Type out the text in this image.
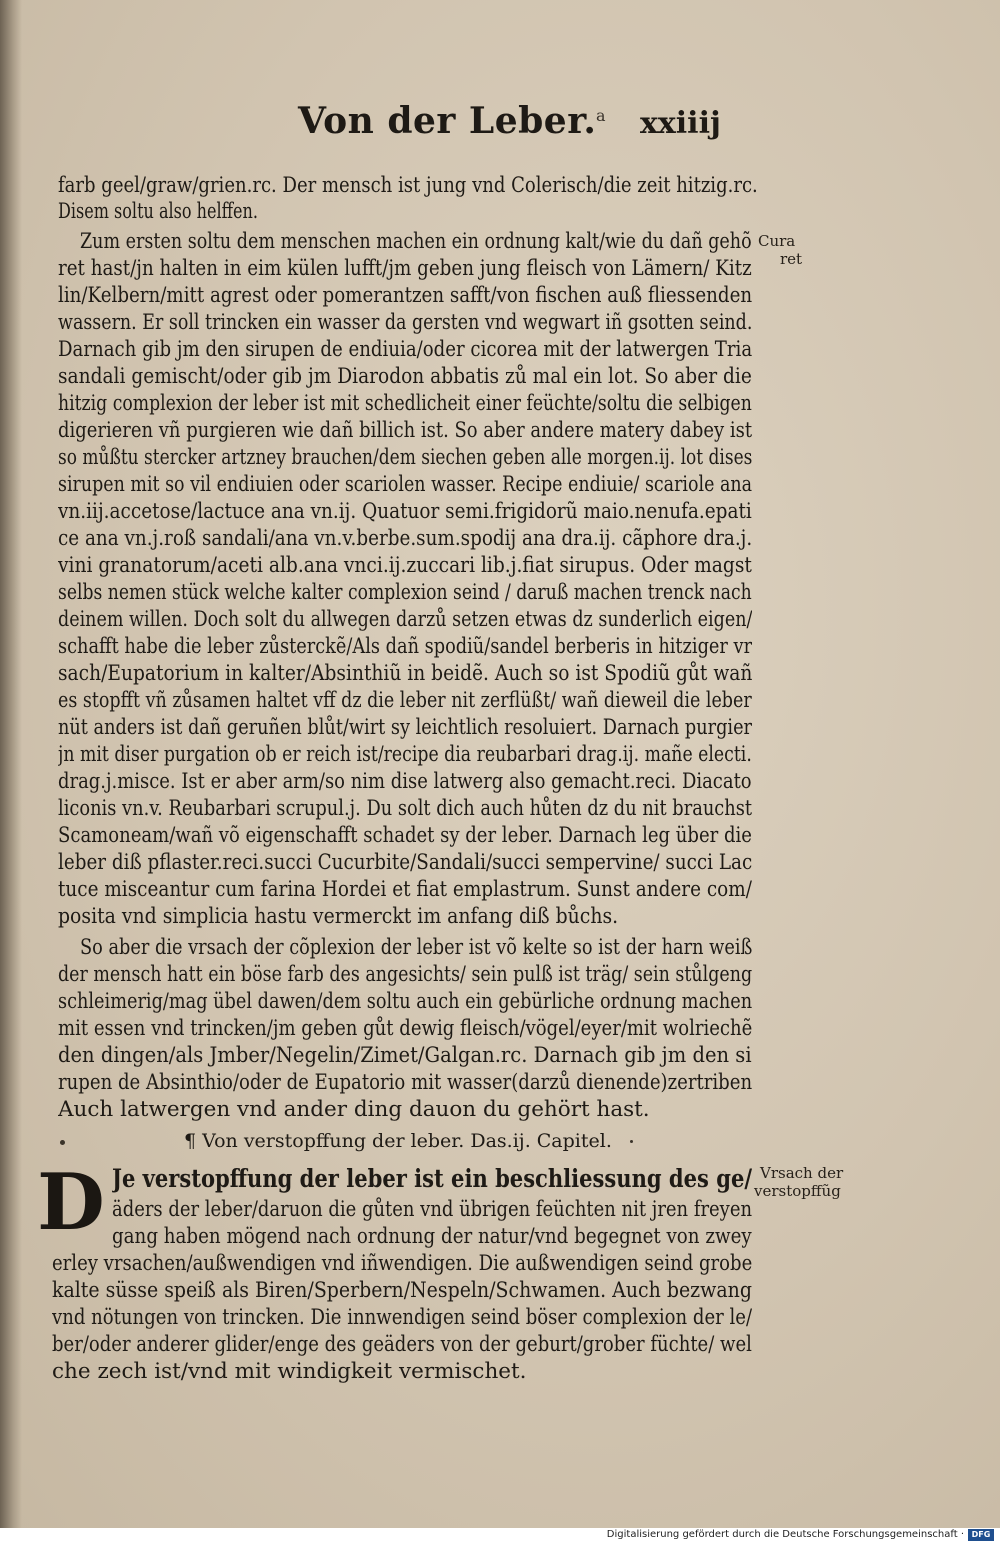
Von der Leber. a xxiiij
farb geel/graw/grien.rc. Der mensch ist jung vnd Colerisch/die zeit hitzig.rc.
Disem soltu also helffen.
Zum ersten soltu dem menschen machen ein ordnung kalt/wie du dañ gehõ
ret hast/jn halten in eim külen lufft/jm geben jung fleisch von Lämern/ Kitz
lin/Kelbern/mitt agrest oder pomerantzen safft/von fischen auß fliessenden
wassern. Er soll trincken ein wasser da gersten vnd wegwart iñ gsotten seind.
Darnach gib jm den sirupen de endiuia/oder cicorea mit der latwergen Tria
sandali gemischt/oder gib jm Diarodon abbatis zů mal ein lot. So aber die
hitzig complexion der leber ist mit schedlicheit einer feüchte/soltu die selbigen
digerieren vñ purgieren wie dañ billich ist. So aber andere matery dabey ist
so můßtu stercker artzney brauchen/dem siechen geben alle morgen.ij. lot dises
sirupen mit so vil endiuien oder scariolen wasser. Recipe endiuie/ scariole ana
vn.iij.accetose/lactuce ana vn.ij. Quatuor semi.frigidorũ maio.nenufa.epati
ce ana vn.j.roß sandali/ana vn.v.berbe.sum.spodij ana dra.ij. cãphore dra.j.
vini granatorum/aceti alb.ana vnci.ij.zuccari lib.j.fiat sirupus. Oder magst
selbs nemen stück welche kalter complexion seind / daruß machen trenck nach
deinem willen. Doch solt du allwegen darzů setzen etwas dz sunderlich eigen/
schafft habe die leber zůsterckẽ/Als dañ spodiũ/sandel berberis in hitziger vr
sach/Eupatorium in kalter/Absinthiũ in beidẽ. Auch so ist Spodiũ gůt wañ
es stopfft vñ zůsamen haltet vff dz die leber nit zerflüßt/ wañ dieweil die leber
nüt anders ist dañ geruñen blůt/wirt sy leichtlich resoluiert. Darnach purgier
jn mit diser purgation ob er reich ist/recipe dia reubarbari drag.ij. mañe electi.
drag.j.misce. Ist er aber arm/so nim dise latwerg also gemacht.reci. Diacato
liconis vn.v. Reubarbari scrupul.j. Du solt dich auch hůten dz du nit brauchst
Scamoneam/wañ võ eigenschafft schadet sy der leber. Darnach leg über die
leber diß pflaster.reci.succi Cucurbite/Sandali/succi sempervine/ succi Lac
tuce misceantur cum farina Hordei et fiat emplastrum. Sunst andere com/
posita vnd simplicia hastu vermerckt im anfang diß bůchs.
So aber die vrsach der cõplexion der leber ist võ kelte so ist der harn weiß
der mensch hatt ein böse farb des angesichts/ sein pulß ist träg/ sein stůlgeng
schleimerig/mag übel dawen/dem soltu auch ein gebürliche ordnung machen
mit essen vnd trincken/jm geben gůt dewig fleisch/vögel/eyer/mit wolriechẽ
den dingen/als Jmber/Negelin/Zimet/Galgan.rc. Darnach gib jm den si
rupen de Absinthio/oder de Eupatorio mit wasser(darzů dienende)zertriben
Auch latwergen vnd ander ding dauon du gehört hast.
Cura
ret
¶ Von verstopffung der leber. Das.ij. Capitel.
D Je verstopffung der leber ist ein beschliessung des ge/
äders der leber/daruon die gůten vnd übrigen feüchten nit jren freyen
gang haben mögend nach ordnung der natur/vnd begegnet von zwey
erley vrsachen/außwendigen vnd iñwendigen. Die außwendigen seind grobe
kalte süsse speiß als Biren/Sperbern/Nespeln/Schwamen. Auch bezwang
vnd nötungen von trincken. Die innwendigen seind böser complexion der le/
ber/oder anderer glider/enge des geäders von der geburt/grober füchte/ wel
che zech ist/vnd mit windigkeit vermischet.
Vrsach der
verstopffũg
Digitalisierung gefördert durch die Deutsche Forschungsgemeinschaft · DFG
